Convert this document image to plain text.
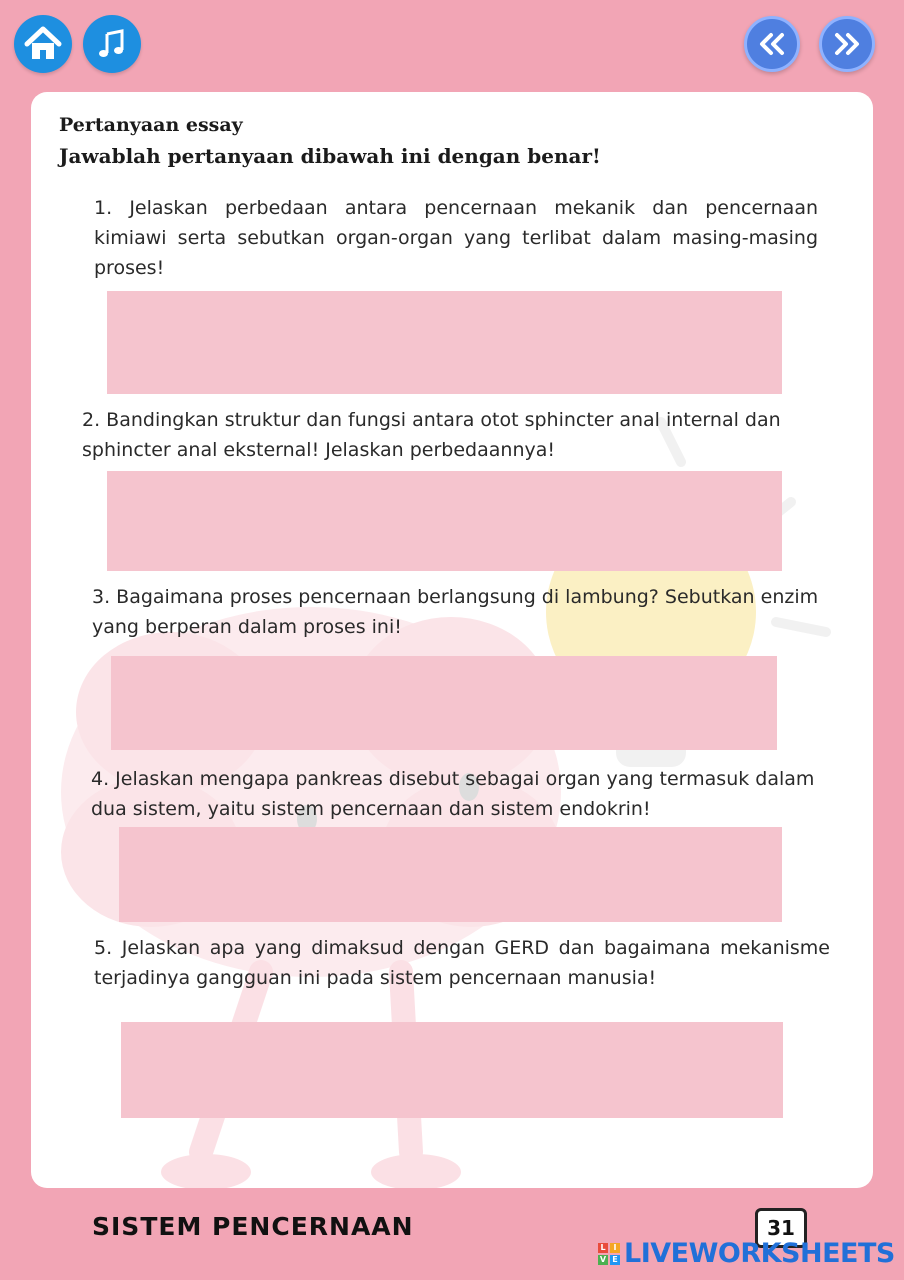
Pertanyaan essay
Jawablah pertanyaan dibawah ini dengan benar!
1. Jelaskan perbedaan antara pencernaan mekanik dan pencernaan kimiawi serta sebutkan organ-organ yang terlibat dalam masing-masing proses!
2. Bandingkan struktur dan fungsi antara otot sphincter anal internal dan sphincter anal eksternal! Jelaskan perbedaannya!
3. Bagaimana proses pencernaan berlangsung di lambung? Sebutkan enzim yang berperan dalam proses ini!
4. Jelaskan mengapa pankreas disebut sebagai organ yang termasuk dalam dua sistem, yaitu sistem pencernaan dan sistem endokrin!
5. Jelaskan apa yang dimaksud dengan GERD dan bagaimana mekanisme terjadinya gangguan ini pada sistem pencernaan manusia!
SISTEM PENCERNAAN	31
L I
V E LIVEWORKSHEETS
